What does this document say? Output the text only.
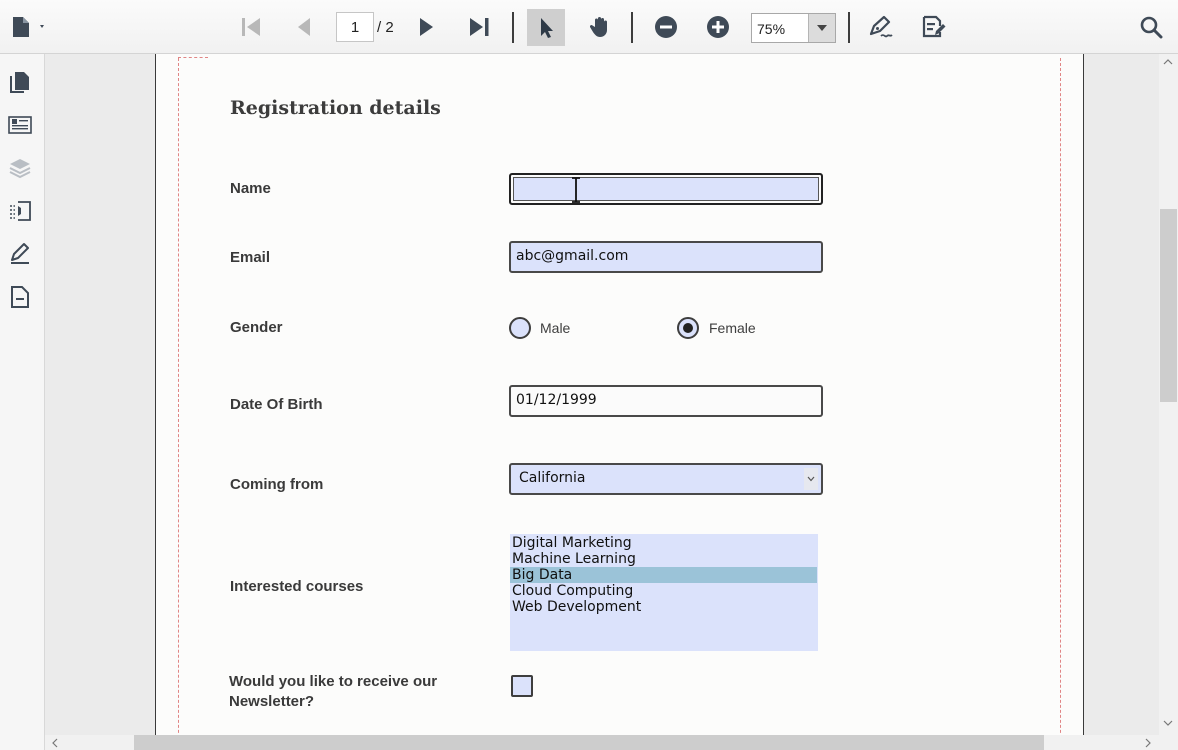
1	/ 2	75%
Registration details
Name
Email	abc@gmail.com
Gender	Male	Female
Date Of Birth	01/12/1999
Coming from	California
Interested courses
Digital Marketing
Machine Learning
Big Data
Cloud Computing
Web Development
Would you like to receive our
Newsletter?
